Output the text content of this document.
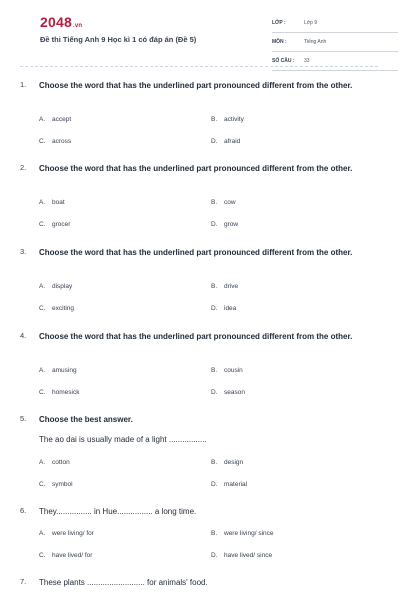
2048.vn
Đề thi Tiếng Anh 9 Học kì 1 có đáp án (Đề 5)
LỚP :	Lớp 9
MÔN :	Tiếng Anh
SỐ CÂU :	33
1. Choose the word that has the underlined part pronounced different from the other.
A. accept	B. activity
C. across	D. afraid
2. Choose the word that has the underlined part pronounced different from the other.
A. boat	B. cow
C. grocer	D. grow
3. Choose the word that has the underlined part pronounced different from the other.
A. display	B. drive
C. exciting	D. idea
4. Choose the word that has the underlined part pronounced different from the other.
A. amusing	B. cousin
C. homesick	D. season
5. Choose the best answer.
The ao dai is usually made of a light .................
A. cotton	B. design
C. symbol	D. material
6. They................ in Hue................ a long time.
A. were living/ for	B. were living/ since
C. have lived/ for	D. have lived/ since
7. These plants .......................... for animals' food.
